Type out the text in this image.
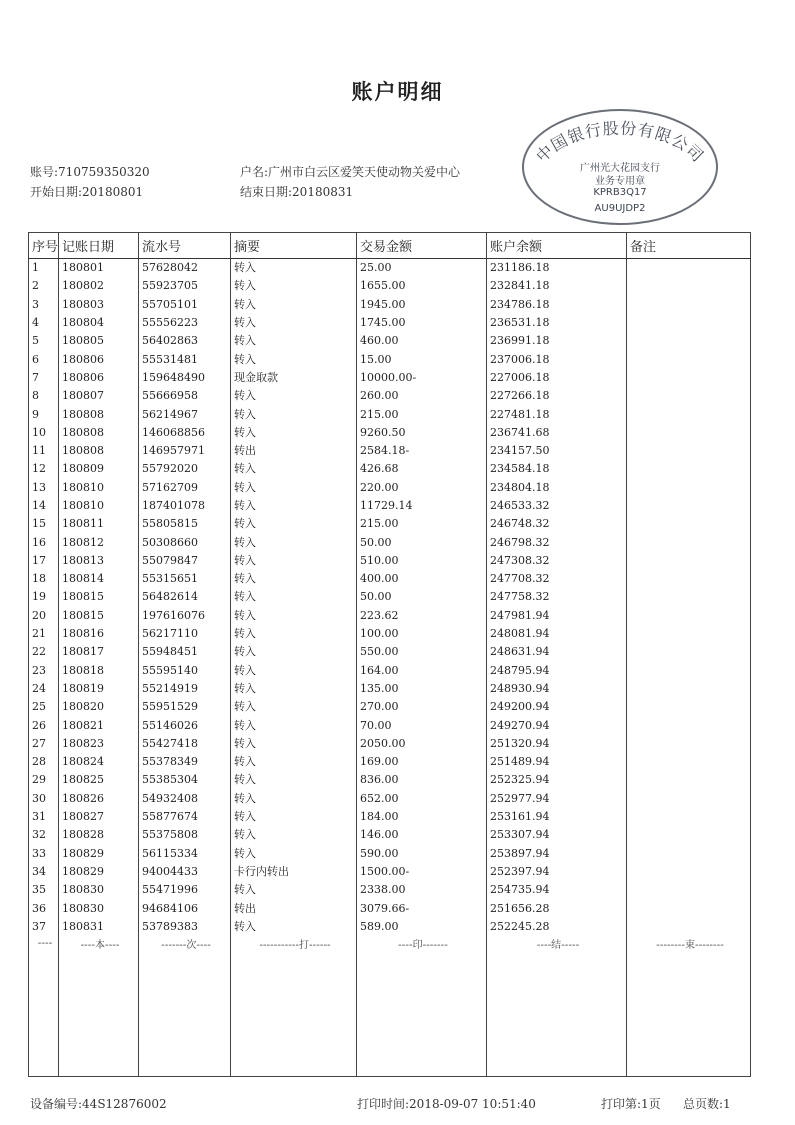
账户明细
账号:710759350320	户名:广州市白云区爱笑天使动物关爱中心
开始日期:20180801	结束日期:20180831
中国银行股份有限公司
广州光大花园支行
业务专用章
KPRB3Q17
AU9UJDP2
序号	记账日期	流水号	摘要	交易金额	账户余额	备注
1	180801	57628042	转入	25.00	231186.18	
2	180802	55923705	转入	1655.00	232841.18	
3	180803	55705101	转入	1945.00	234786.18	
4	180804	55556223	转入	1745.00	236531.18	
5	180805	56402863	转入	460.00	236991.18	
6	180806	55531481	转入	15.00	237006.18	
7	180806	159648490	现金取款	10000.00-	227006.18	
8	180807	55666958	转入	260.00	227266.18	
9	180808	56214967	转入	215.00	227481.18	
10	180808	146068856	转入	9260.50	236741.68	
11	180808	146957971	转出	2584.18-	234157.50	
12	180809	55792020	转入	426.68	234584.18	
13	180810	57162709	转入	220.00	234804.18	
14	180810	187401078	转入	11729.14	246533.32	
15	180811	55805815	转入	215.00	246748.32	
16	180812	50308660	转入	50.00	246798.32	
17	180813	55079847	转入	510.00	247308.32	
18	180814	55315651	转入	400.00	247708.32	
19	180815	56482614	转入	50.00	247758.32	
20	180815	197616076	转入	223.62	247981.94	
21	180816	56217110	转入	100.00	248081.94	
22	180817	55948451	转入	550.00	248631.94	
23	180818	55595140	转入	164.00	248795.94	
24	180819	55214919	转入	135.00	248930.94	
25	180820	55951529	转入	270.00	249200.94	
26	180821	55146026	转入	70.00	249270.94	
27	180823	55427418	转入	2050.00	251320.94	
28	180824	55378349	转入	169.00	251489.94	
29	180825	55385304	转入	836.00	252325.94	
30	180826	54932408	转入	652.00	252977.94	
31	180827	55877674	转入	184.00	253161.94	
32	180828	55375808	转入	146.00	253307.94	
33	180829	56115334	转入	590.00	253897.94	
34	180829	94004433	卡行内转出	1500.00-	252397.94	
35	180830	55471996	转入	2338.00	254735.94	
36	180830	94684106	转出	3079.66-	251656.28	
37	180831	53789383	转入	589.00	252245.28	
----	----本----	-------次----	-----------打------	----印-------	----结-----	--------束--------

设备编号:44S12876002	打印时间:2018-09-07 10:51:40	打印第:1页 总页数:1
